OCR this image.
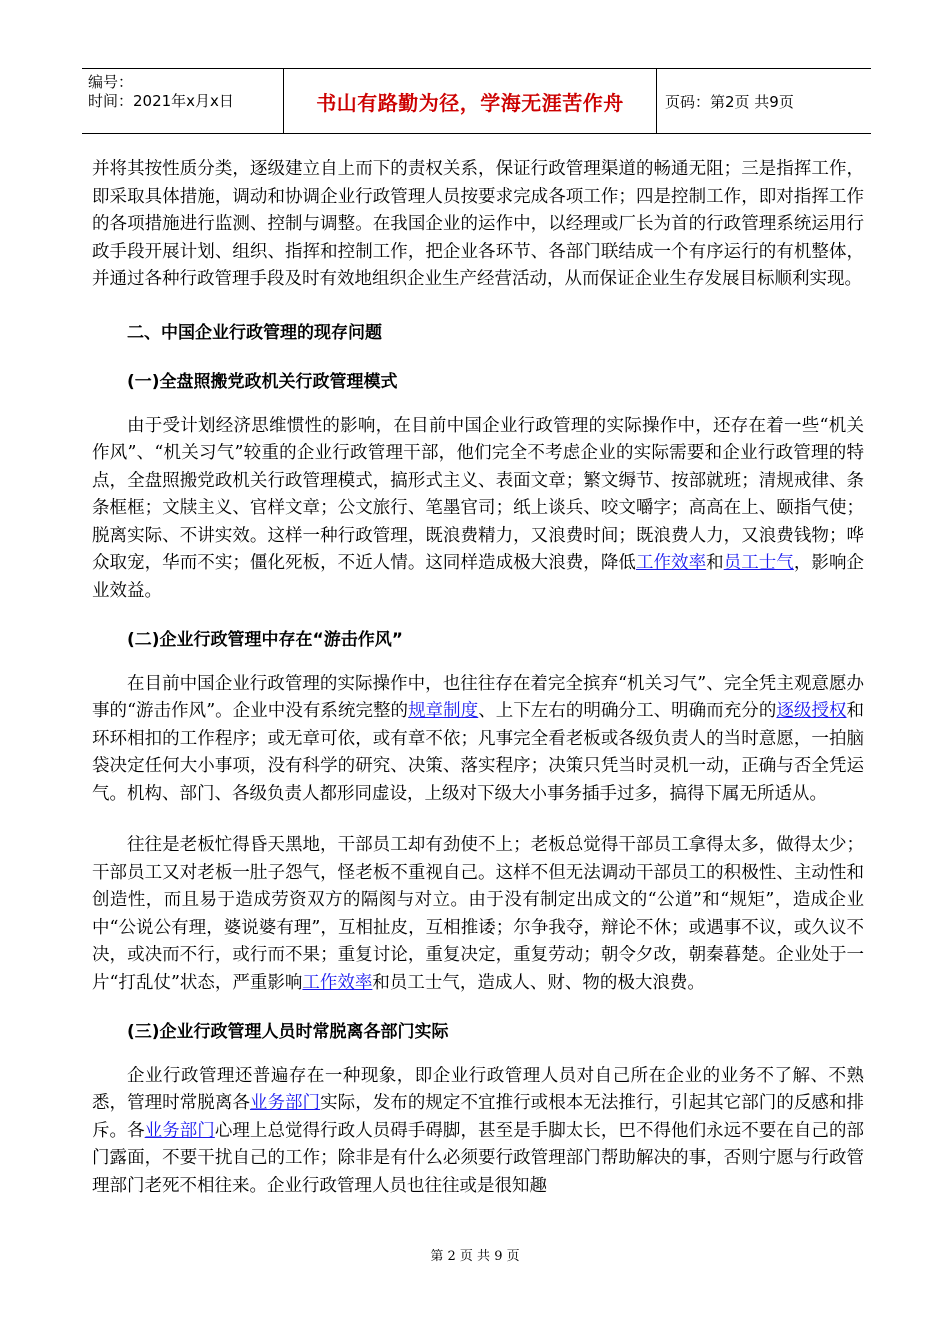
编号：
时间：2021年x月x日	书山有路勤为径，学海无涯苦作舟	页码：第2页 共9页

并将其按性质分类，逐级建立自上而下的责权关系，保证行政管理渠道的畅通无阻；三是指挥工作，即采取具体措施，调动和协调企业行政管理人员按要求完成各项工作；四是控制工作，即对指挥工作的各项措施进行监测、控制与调整。在我国企业的运作中，以经理或厂长为首的行政管理系统运用行政手段开展计划、组织、指挥和控制工作，把企业各环节、各部门联结成一个有序运行的有机整体，并通过各种行政管理手段及时有效地组织企业生产经营活动，从而保证企业生存发展目标顺利实现。

二、中国企业行政管理的现存问题
(一)全盘照搬党政机关行政管理模式

由于受计划经济思维惯性的影响，在目前中国企业行政管理的实际操作中，还存在着一些“机关作风”、“机关习气”较重的企业行政管理干部，他们完全不考虑企业的实际需要和企业行政管理的特点，全盘照搬党政机关行政管理模式，搞形式主义、表面文章；繁文缛节、按部就班；清规戒律、条条框框；文牍主义、官样文章；公文旅行、笔墨官司；纸上谈兵、咬文嚼字；高高在上、颐指气使；脱离实际、不讲实效。这样一种行政管理，既浪费精力，又浪费时间；既浪费人力，又浪费钱物；哗众取宠，华而不实；僵化死板，不近人情。这同样造成极大浪费，降低工作效率和员工士气，影响企业效益。

(二)企业行政管理中存在“游击作风”

在目前中国企业行政管理的实际操作中，也往往存在着完全摈弃“机关习气”、完全凭主观意愿办事的“游击作风”。企业中没有系统完整的规章制度、上下左右的明确分工、明确而充分的逐级授权和环环相扣的工作程序；或无章可依，或有章不依；凡事完全看老板或各级负责人的当时意愿，一拍脑袋决定任何大小事项，没有科学的研究、决策、落实程序；决策只凭当时灵机一动，正确与否全凭运气。机构、部门、各级负责人都形同虚设，上级对下级大小事务插手过多，搞得下属无所适从。

往往是老板忙得昏天黑地，干部员工却有劲使不上；老板总觉得干部员工拿得太多，做得太少；干部员工又对老板一肚子怨气，怪老板不重视自己。这样不但无法调动干部员工的积极性、主动性和创造性，而且易于造成劳资双方的隔阂与对立。由于没有制定出成文的“公道”和“规矩”，造成企业中“公说公有理，婆说婆有理”，互相扯皮，互相推诿；尔争我夺，辩论不休；或遇事不议，或久议不决，或决而不行，或行而不果；重复讨论，重复决定，重复劳动；朝令夕改，朝秦暮楚。企业处于一片“打乱仗”状态，严重影响工作效率和员工士气，造成人、财、物的极大浪费。

(三)企业行政管理人员时常脱离各部门实际

企业行政管理还普遍存在一种现象，即企业行政管理人员对自己所在企业的业务不了解、不熟悉，管理时常脱离各业务部门实际，发布的规定不宜推行或根本无法推行，引起其它部门的反感和排斥。各业务部门心理上总觉得行政人员碍手碍脚，甚至是手脚太长，巴不得他们永远不要在自己的部门露面，不要干扰自己的工作；除非是有什么必须要行政管理部门帮助解决的事，否则宁愿与行政管理部门老死不相往来。企业行政管理人员也往往或是很知趣

第 2 页 共 9 页
